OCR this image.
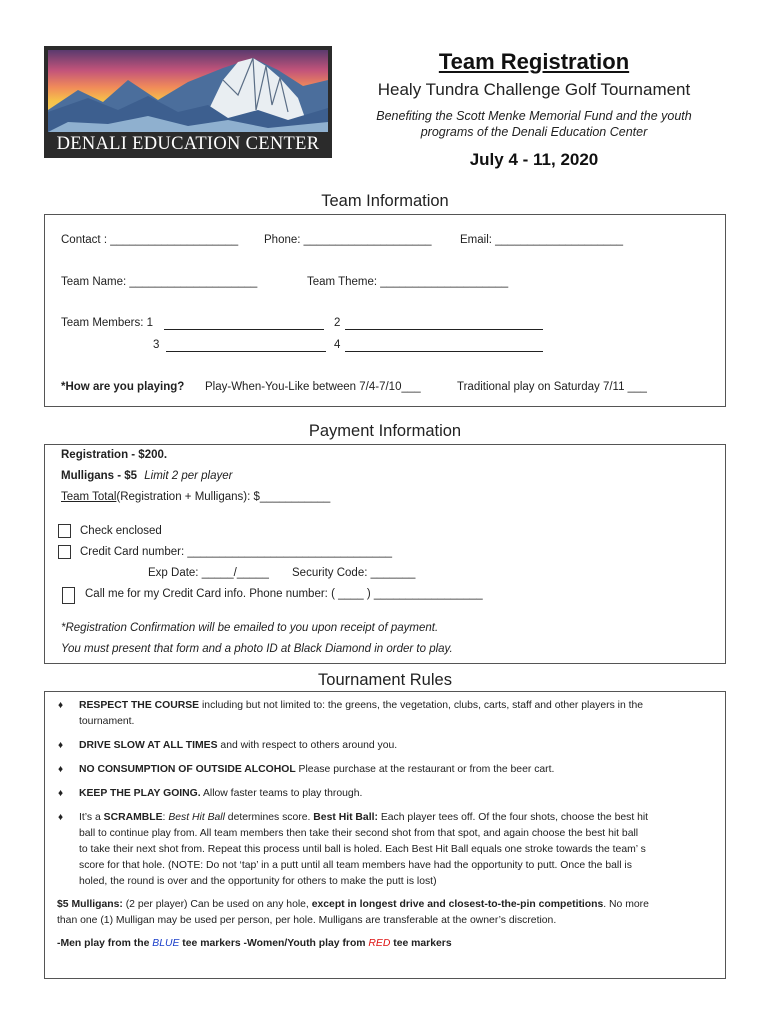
DENALI EDUCATION CENTER
Team Registration
Healy Tundra Challenge Golf Tournament
Benefiting the Scott Menke Memorial Fund and the youth
programs of the Denali Education Center
July 4 - 11, 2020
Team Information
Contact : ____________________ Phone: ____________________ Email: ____________________
Team Name: ____________________	Team Theme: ____________________
Team Members: 1	2
3	4
*How are you playing? Play-When-You-Like between 7/4-7/10___	Traditional play on Saturday 7/11 ___
Payment Information
Registration - $200.
Mulligans - $5 Limit 2 per player
Team Total(Registration + Mulligans): $___________
Check enclosed
Credit Card number: ________________________________
Exp Date: _____/_____ Security Code: _______
Call me for my Credit Card info. Phone number: ( ____ ) _________________
*Registration Confirmation will be emailed to you upon receipt of payment.
You must present that form and a photo ID at Black Diamond in order to play.
Tournament Rules
♦ RESPECT THE COURSE including but not limited to: the greens, the vegetation, clubs, carts, staff and other players in the
tournament.
♦ DRIVE SLOW AT ALL TIMES and with respect to others around you.
♦ NO CONSUMPTION OF OUTSIDE ALCOHOL Please purchase at the restaurant or from the beer cart.
♦ KEEP THE PLAY GOING. Allow faster teams to play through.
♦ It’s a SCRAMBLE: Best Hit Ball determines score. Best Hit Ball: Each player tees off. Of the four shots, choose the best hit
ball to continue play from. All team members then take their second shot from that spot, and again choose the best hit ball
to take their next shot from. Repeat this process until ball is holed. Each Best Hit Ball equals one stroke towards the team’ s
score for that hole. (NOTE: Do not ‘tap’ in a putt until all team members have had the opportunity to putt. Once the ball is
holed, the round is over and the opportunity for others to make the putt is lost)
$5 Mulligans: (2 per player) Can be used on any hole, except in longest drive and closest-to-the-pin competitions. No more
than one (1) Mulligan may be used per person, per hole. Mulligans are transferable at the owner’s discretion.
-Men play from the BLUE tee markers -Women/Youth play from RED tee markers
